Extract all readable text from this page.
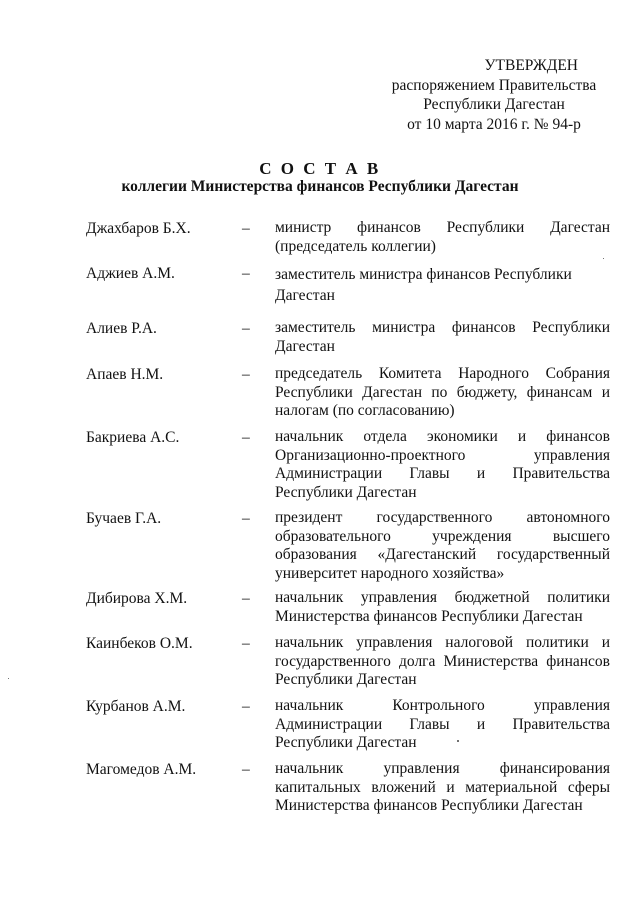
УТВЕРЖДЕН
распоряжением Правительства
Республики Дагестан
от 10 марта 2016 г. № 94-р
С О С Т А В
коллегии Министерства финансов Республики Дагестан
Джахбаров Б.Х.	– министр финансов Республики Дагестан
(председатель коллегии)
Аджиев А.М.	– заместитель министра финансов Республики
Дагестан
Алиев Р.А.	– заместитель министра финансов Республики
Дагестан
Апаев Н.М.	– председатель Комитета Народного Собрания
Республики Дагестан по бюджету, финансам и
налогам (по согласованию)
Бакриева А.С.	– начальник отдела экономики и финансов
Организационно-проектного управления
Администрации Главы и Правительства
Республики Дагестан
Бучаев Г.А.	– президент государственного автономного
образовательного учреждения высшего
образования «Дагестанский государственный
университет народного хозяйства»
Дибирова Х.М.	– начальник управления бюджетной политики
Министерства финансов Республики Дагестан
Каинбеков О.М.	– начальник управления налоговой политики и
государственного долга Министерства финансов
Республики Дагестан
Курбанов А.М.	– начальник Контрольного управления
Администрации Главы и Правительства
Республики Дагестан
Магомедов А.М.	– начальник управления финансирования
капитальных вложений и материальной сферы
Министерства финансов Республики Дагестан
